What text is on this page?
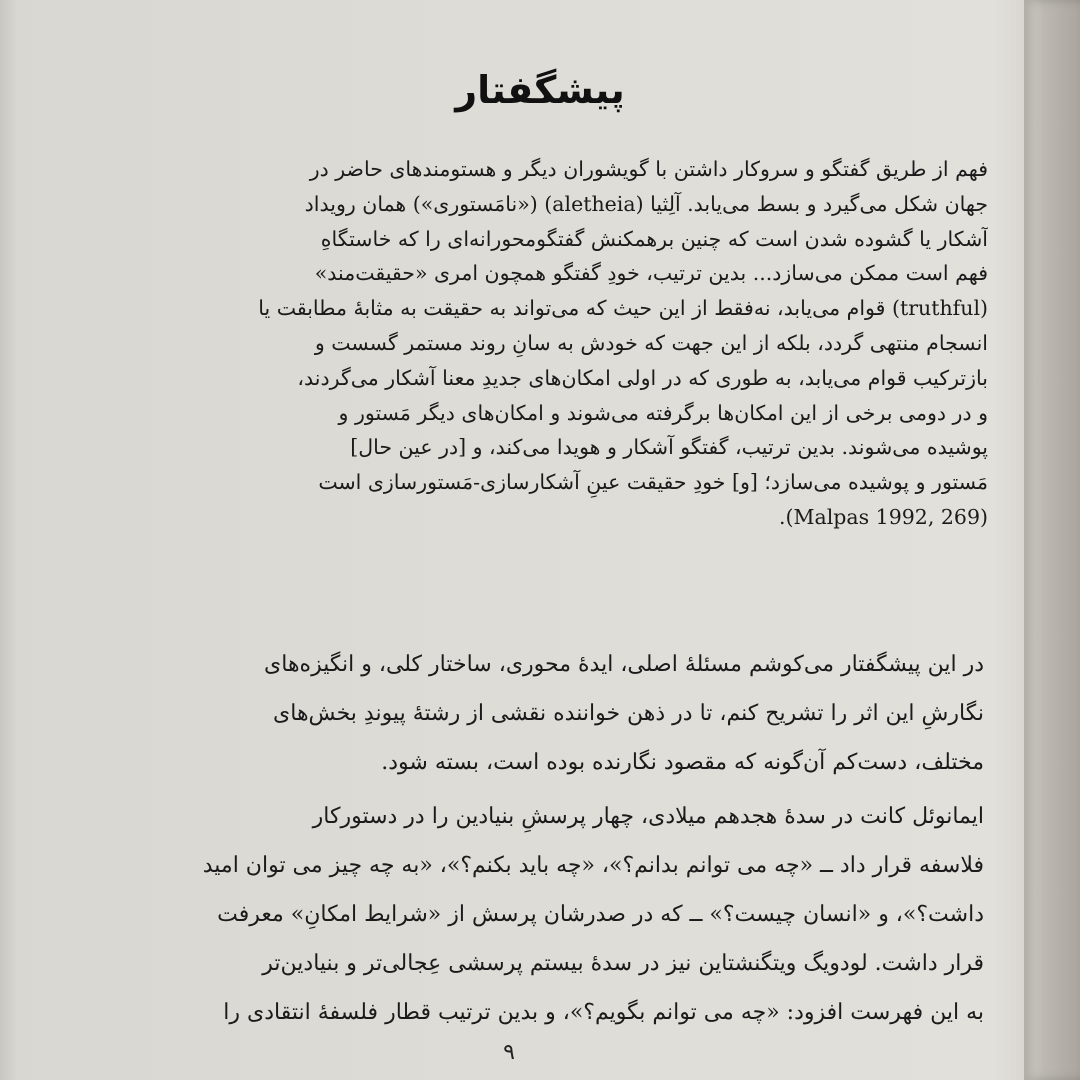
پیشگفتار
فهم از طریق گفتگو و سروکار داشتن با گویشوران دیگر و هستومندهای حاضر در
جهان شکل می‌گیرد و بسط می‌یابد. آلِثیا (aletheia) («نامَستوری») همان رویداد
آشکار یا گشوده شدن است که چنین برهمکنش گفتگومحورانه‌ای را که خاستگاهِ
فهم است ممکن می‌سازد... بدین ترتیب، خودِ گفتگو همچون امری «حقیقت‌مند»
(truthful) قوام می‌یابد، نه‌فقط از این حیث که می‌تواند به حقیقت به مثابهٔ مطابقت یا
انسجام منتهی گردد، بلکه از این جهت که خودش به سانِ روند مستمر گسست و
بازترکیب قوام می‌یابد، به طوری که در اولی امکان‌های جدیدِ معنا آشکار می‌گردند،
و در دومی برخی از این امکان‌ها برگرفته می‌شوند و امکان‌های دیگر مَستور و
پوشیده می‌شوند. بدین ترتیب، گفتگو آشکار و هویدا می‌کند، و [در عین حال]
مَستور و پوشیده می‌سازد؛ [و] خودِ حقیقت عینِ آشکارسازی-مَستورسازی است
(Malpas 1992, 269).
در این پیشگفتار می‌کوشم مسئلهٔ اصلی، ایدهٔ محوری، ساختار کلی، و انگیزه‌های
نگارشِ این اثر را تشریح کنم، تا در ذهن خواننده نقشی از رشتهٔ پیوندِ بخش‌های
مختلف، دست‌کم آن‌گونه که مقصود نگارنده بوده است، بسته شود.
ایمانوئل کانت در سدهٔ هجدهم میلادی، چهار پرسشِ بنیادین را در دستورکار
فلاسفه قرار داد ــ «چه می توانم بدانم؟»، «چه باید بکنم؟»، «به چه چیز می توان امید
داشت؟»، و «انسان چیست؟» ــ که در صدرشان پرسش از «شرایط امکانِ» معرفت
قرار داشت. لودویگ ویتگنشتاین نیز در سدهٔ بیستم پرسشی عِجالی‌تر و بنیادین‌تر
به این فهرست افزود: «چه می توانم بگویم؟»، و بدین ترتیب قطار فلسفهٔ انتقادی را
۹
